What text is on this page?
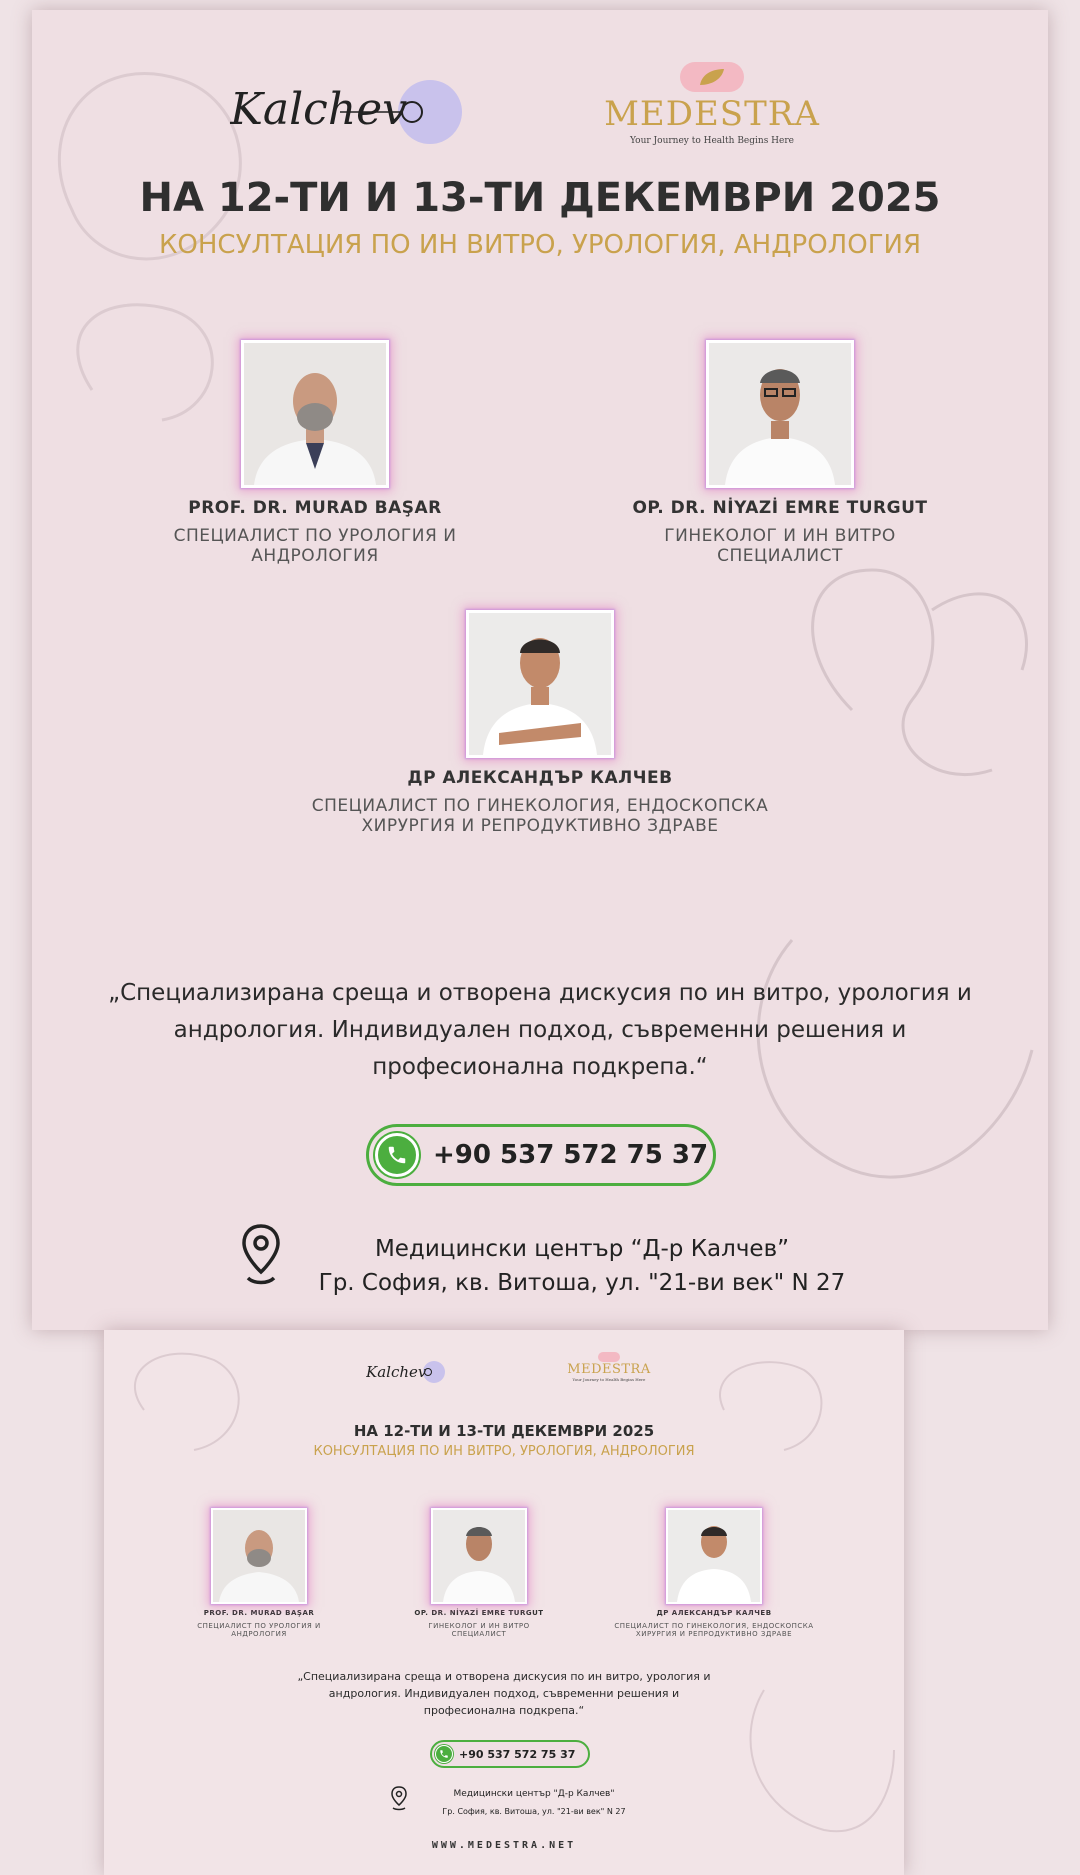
Kalchev	MEDESTRA
Your Journey to Health Begins Here
НА 12-ТИ И 13-ТИ ДЕКЕМВРИ 2025
КОНСУЛТАЦИЯ ПО ИН ВИТРО, УРОЛОГИЯ, АНДРОЛОГИЯ
PROF. DR. MURAD BAŞAR
СПЕЦИАЛИСТ ПО УРОЛОГИЯ И
АНДРОЛОГИЯ
OP. DR. NİYAZİ EMRE TURGUT
ГИНЕКОЛОГ И ИН ВИТРО
СПЕЦИАЛИСТ
ДР АЛЕКСАНДЪР КАЛЧЕВ
СПЕЦИАЛИСТ ПО ГИНЕКОЛОГИЯ, ЕНДОСКОПСКА
ХИРУРГИЯ И РЕПРОДУКТИВНО ЗДРАВЕ
„Специализирана среща и отворена дискусия по ин витро, урология и
андрология. Индивидуален подход, съвременни решения и
професионална подкрепа.“
+90 537 572 75 37
Медицински център “Д-р Калчев”
Гр. София, кв. Витоша, ул. "21-ви век" N 27
Kalchev	MEDESTRA
Your Journey to Health Begins Here
НА 12-ТИ И 13-ТИ ДЕКЕМВРИ 2025
КОНСУЛТАЦИЯ ПО ИН ВИТРО, УРОЛОГИЯ, АНДРОЛОГИЯ
PROF. DR. MURAD BAŞAR
СПЕЦИАЛИСТ ПО УРОЛОГИЯ И
АНДРОЛОГИЯ
OP. DR. NİYAZİ EMRE TURGUT
ГИНЕКОЛОГ И ИН ВИТРО
СПЕЦИАЛИСТ
ДР АЛЕКСАНДЪР КАЛЧЕВ
СПЕЦИАЛИСТ ПО ГИНЕКОЛОГИЯ, ЕНДОСКОПСКА
ХИРУРГИЯ И РЕПРОДУКТИВНО ЗДРАВЕ
„Специализирана среща и отворена дискусия по ин витро, урология и
андрология. Индивидуален подход, съвременни решения и
професионална подкрепа.“
+90 537 572 75 37
Медицински център "Д-р Калчев"
Гр. София, кв. Витоша, ул. "21-ви век" N 27
WWW.MEDESTRA.NET
